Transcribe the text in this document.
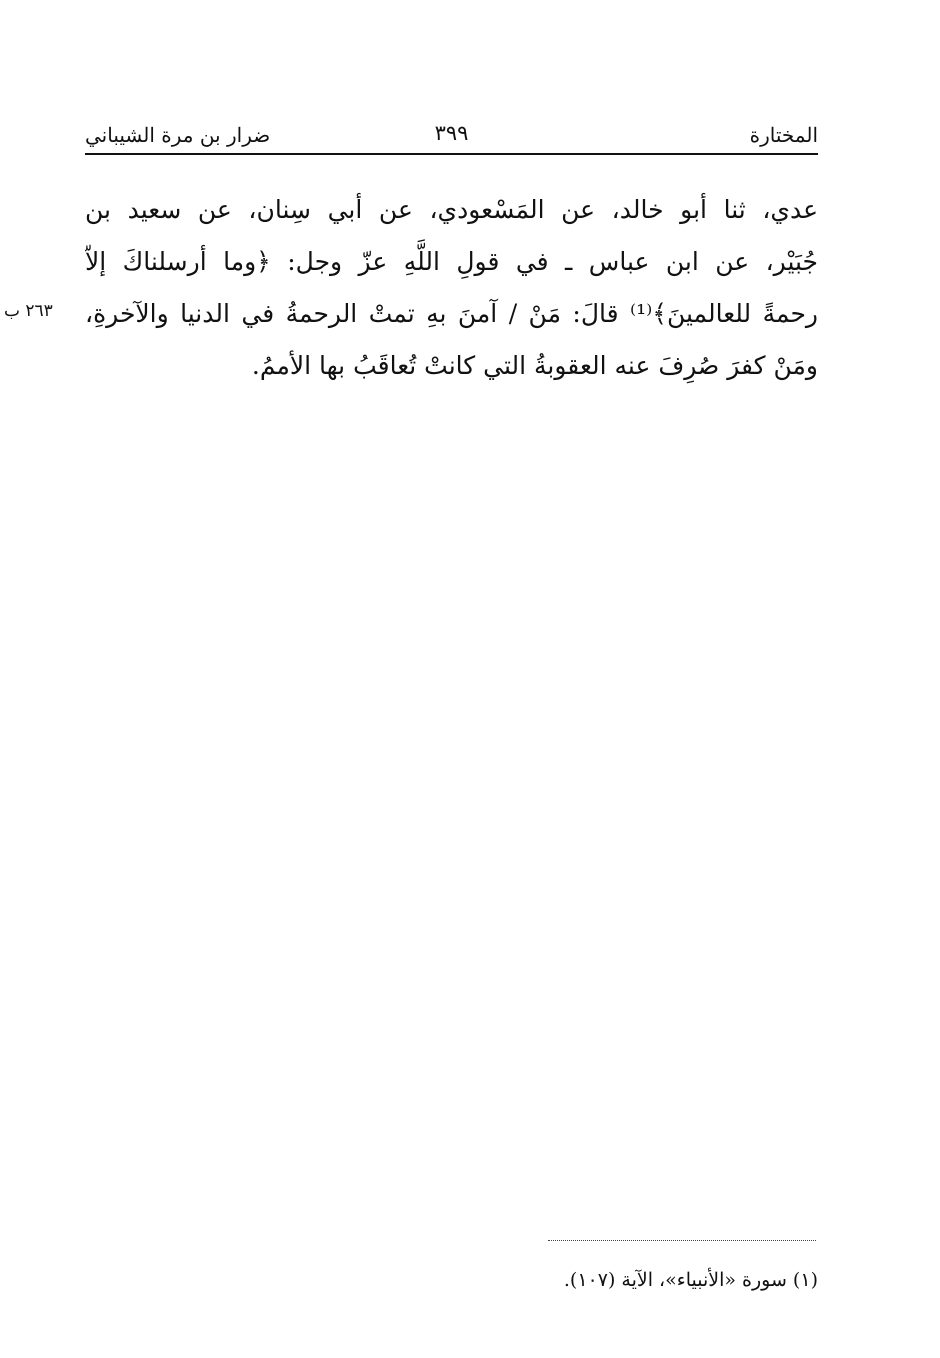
المختارة
٣٩٩
ضرار بن مرة الشيباني
عدي، ثنا أبو خالد، عن المَسْعودي، عن أبي سِنان، عن سعيد بن
جُبَيْر، عن ابن عباس ـ في قولِ اللَّهِ عزّ وجل: ﴿وما أرسلناكَ إلاّ
رحمةً للعالمينَ﴾⁽¹⁾ قالَ: مَنْ / آمنَ بهِ تمتْ الرحمةُ في الدنيا والآخرةِ،
ومَنْ كفرَ صُرِفَ عنه العقوبةُ التي كانتْ تُعاقَبُ بها الأممُ.
٢٦٣ ب
(١) سورة «الأنبياء»، الآية (١٠٧).
